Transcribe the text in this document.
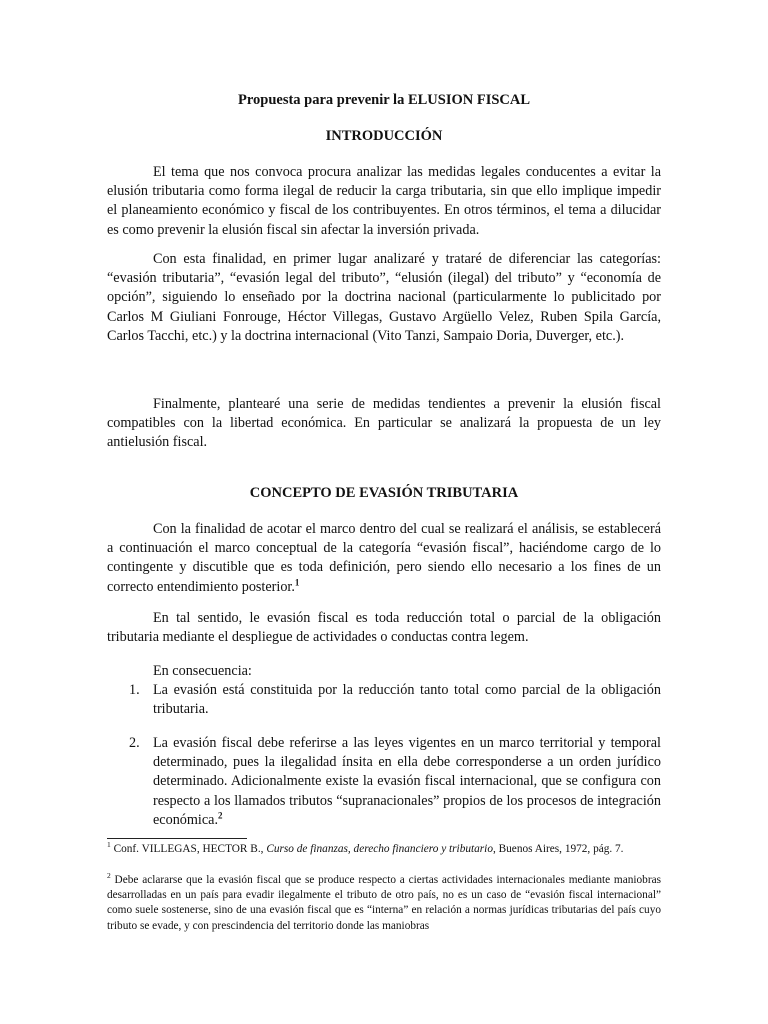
Propuesta para prevenir la ELUSION FISCAL
INTRODUCCIÓN

El tema que nos convoca procura analizar las medidas legales conducentes a evitar la elusión tributaria como forma ilegal de reducir la carga tributaria, sin que ello implique impedir el planeamiento económico y fiscal de los contribuyentes. En otros términos, el tema a dilucidar es como prevenir la elusión fiscal sin afectar la inversión privada.

Con esta finalidad, en primer lugar analizaré y trataré de diferenciar las categorías: “evasión tributaria”, “evasión legal del tributo”, “elusión (ilegal) del tributo” y “economía de opción”, siguiendo lo enseñado por la doctrina nacional (particularmente lo publicitado por Carlos M Giuliani Fonrouge, Héctor Villegas, Gustavo Argüello Velez, Ruben Spila García, Carlos Tacchi, etc.) y la doctrina internacional (Vito Tanzi, Sampaio Doria, Duverger, etc.).

Finalmente, plantearé una serie de medidas tendientes a prevenir la elusión fiscal compatibles con la libertad económica. En particular se analizará la propuesta de un ley antielusión fiscal.

CONCEPTO DE EVASIÓN TRIBUTARIA

Con la finalidad de acotar el marco dentro del cual se realizará el análisis, se establecerá a continuación el marco conceptual de la categoría “evasión fiscal”, haciéndome cargo de lo contingente y discutible que es toda definición, pero siendo ello necesario a los fines de un correcto entendimiento posterior.$^1$

En tal sentido, le evasión fiscal es toda reducción total o parcial de la obligación tributaria mediante el despliegue de actividades o conductas contra legem.

En consecuencia:

1. La evasión está constituida por la reducción tanto total como parcial de la obligación tributaria.
2. La evasión fiscal debe referirse a las leyes vigentes en un marco territorial y temporal determinado, pues la ilegalidad ínsita en ella debe corresponderse a un orden jurídico determinado. Adicionalmente existe la evasión fiscal internacional, que se configura con respecto a los llamados tributos “supranacionales” propios de los procesos de integración económica.$^2$

$^1$ Conf. VILLEGAS, HECTOR B., Curso de finanzas, derecho financiero y tributario, Buenos Aires, 1972, pág. 7.

$^2$ Debe aclararse que la evasión fiscal que se produce respecto a ciertas actividades internacionales mediante maniobras desarrolladas en un país para evadir ilegalmente el tributo de otro país, no es un caso de “evasión fiscal internacional” como suele sostenerse, sino de una evasión fiscal que es “interna” en relación a normas jurídicas tributarias del país cuyo tributo se evade, y con prescindencia del territorio donde las maniobras
